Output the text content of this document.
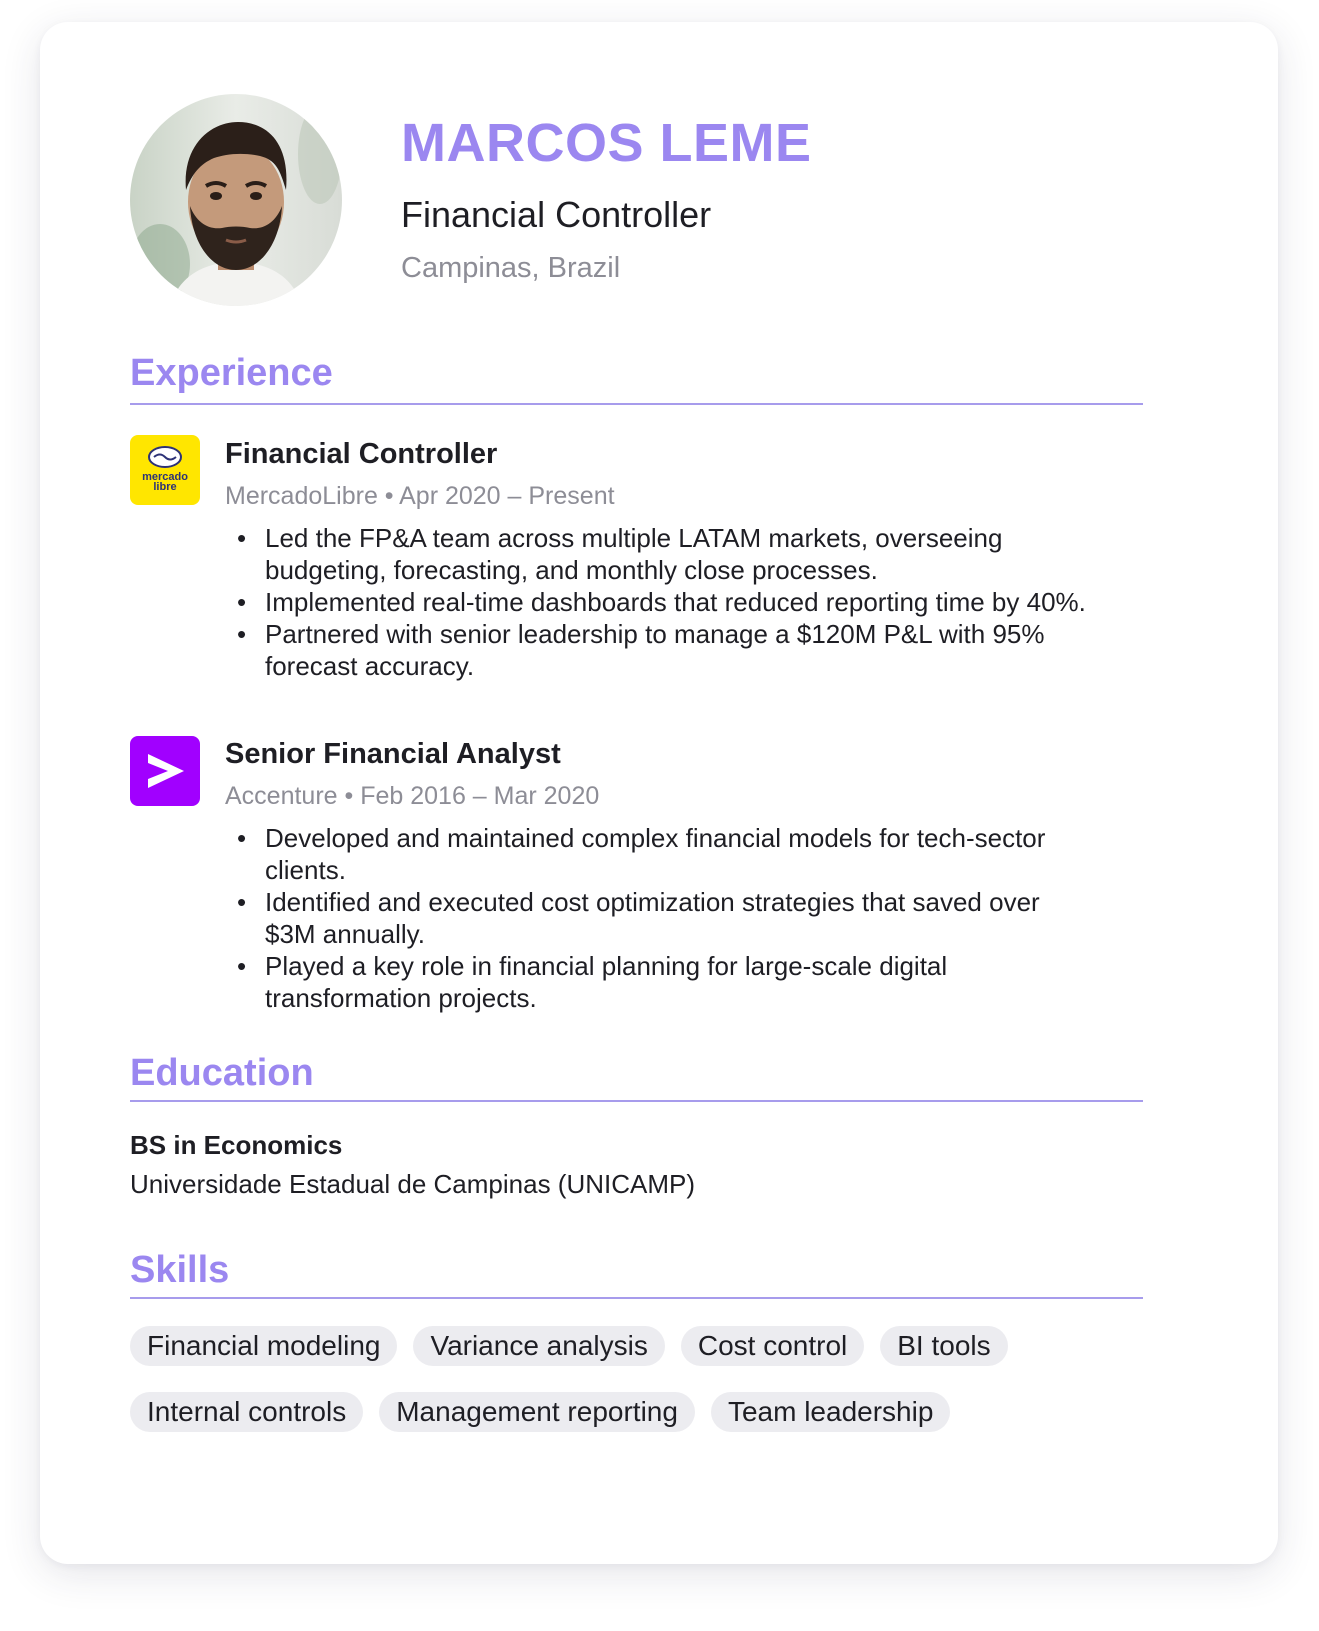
MARCOS LEME
Financial Controller
Campinas, Brazil
Experience
mercado
libre
Financial Controller
MercadoLibre • Apr 2020 – Present
• Led the FP&A team across multiple LATAM markets, overseeing budgeting, forecasting, and monthly close processes.
• Implemented real-time dashboards that reduced reporting time by 40%.
• Partnered with senior leadership to manage a $120M P&L with 95% forecast accuracy.
Senior Financial Analyst
Accenture • Feb 2016 – Mar 2020
• Developed and maintained complex financial models for tech-sector clients.
• Identified and executed cost optimization strategies that saved over $3M annually.
• Played a key role in financial planning for large-scale digital transformation projects.
Education
BS in Economics
Universidade Estadual de Campinas (UNICAMP)
Skills
Financial modeling	Variance analysis	Cost control	BI tools
Internal controls	Management reporting	Team leadership
